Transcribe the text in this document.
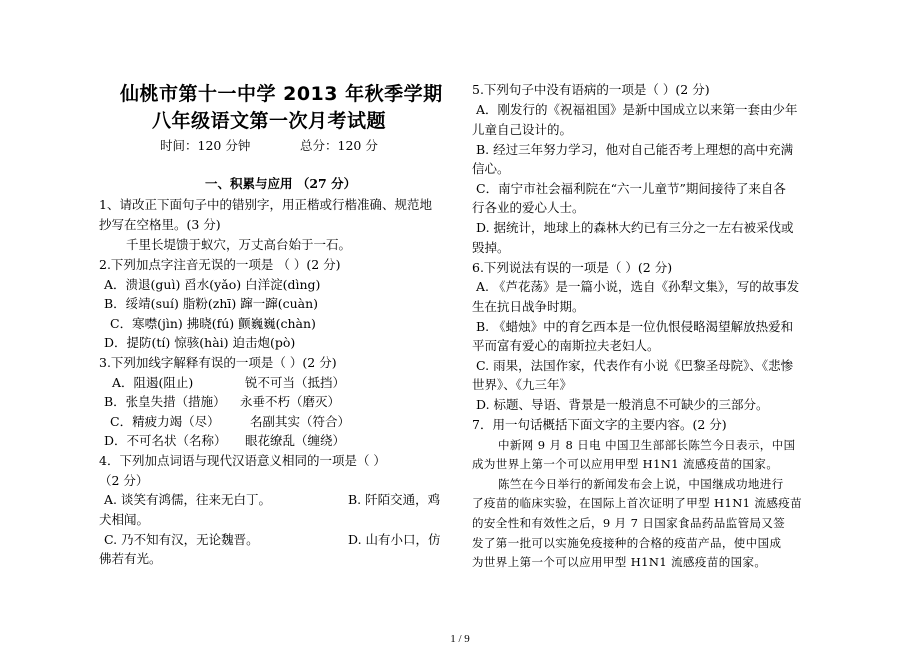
仙桃市第十一中学 2013 年秋季学期
八年级语文第一次月考试题
时间：120 分钟	总分：120 分
一、积累与应用 （27 分）
1、请改正下面句子中的错别字，用正楷或行楷准确、规范地
抄写在空格里。(3 分)
千里长堤馈于蚁穴，万丈高台始于一石。
2.下列加点字注音无误的一项是 （ ）(2 分)
A．溃退(guì) 舀水(yǎo) 白洋淀(dìng)
B．绥靖(suí) 脂粉(zhī) 蹿一蹿(cuàn)
C．寒噤(jìn) 拂晓(fú) 颤巍巍(chàn)
D．提防(tí) 惊骇(hài) 迫击炮(pò)
3.下列加线字解释有误的一项是（ ）(2 分)
A．阻遏(阻止)	锐不可当（抵挡）
B．张皇失措（措施） 永垂不朽（磨灭）
C．精疲力竭（尽） 名副其实（符合）
D．不可名状（名称） 眼花缭乱（缠绕）
4．下列加点词语与现代汉语意义相同的一项是（ ）
（2 分）
A. 谈笑有鸿儒，往来无白丁。	B. 阡陌交通，鸡
犬相闻。
C. 乃不知有汉，无论魏晋。	D. 山有小口，仿
佛若有光。
5.下列句子中没有语病的一项是（ ）(2 分)
A．刚发行的《祝福祖国》是新中国成立以来第一套由少年
儿童自己设计的。
B. 经过三年努力学习，他对自己能否考上理想的高中充满
信心。
C．南宁市社会福利院在“六一儿童节”期间接待了来自各
行各业的爱心人士。
D. 据统计，地球上的森林大约已有三分之一左右被采伐或
毁掉。
6.下列说法有误的一项是（ ）(2 分)
A. 《芦花荡》是一篇小说，选自《孙犁文集》，写的故事发
生在抗日战争时期。
B. 《蜡烛》中的育乞西本是一位仇恨侵略渴望解放热爱和
平而富有爱心的南斯拉夫老妇人。
C. 雨果，法国作家，代表作有小说《巴黎圣母院》、《悲惨
世界》、《九三年》
D. 标题、导语、背景是一般消息不可缺少的三部分。
7．用一句话概括下面文字的主要内容。(2 分)
中新网 9 月 8 日电 中国卫生部部长陈竺今日表示，中国
成为世界上第一个可以应用甲型 H1N1 流感疫苗的国家。
陈竺在今日举行的新闻发布会上说，中国继成功地进行
了疫苗的临床实验，在国际上首次证明了甲型 H1N1 流感疫苗
的安全性和有效性之后，9 月 7 日国家食品药品监管局又签
发了第一批可以实施免疫接种的合格的疫苗产品，使中国成
为世界上第一个可以应用甲型 H1N1 流感疫苗的国家。
1 / 9
